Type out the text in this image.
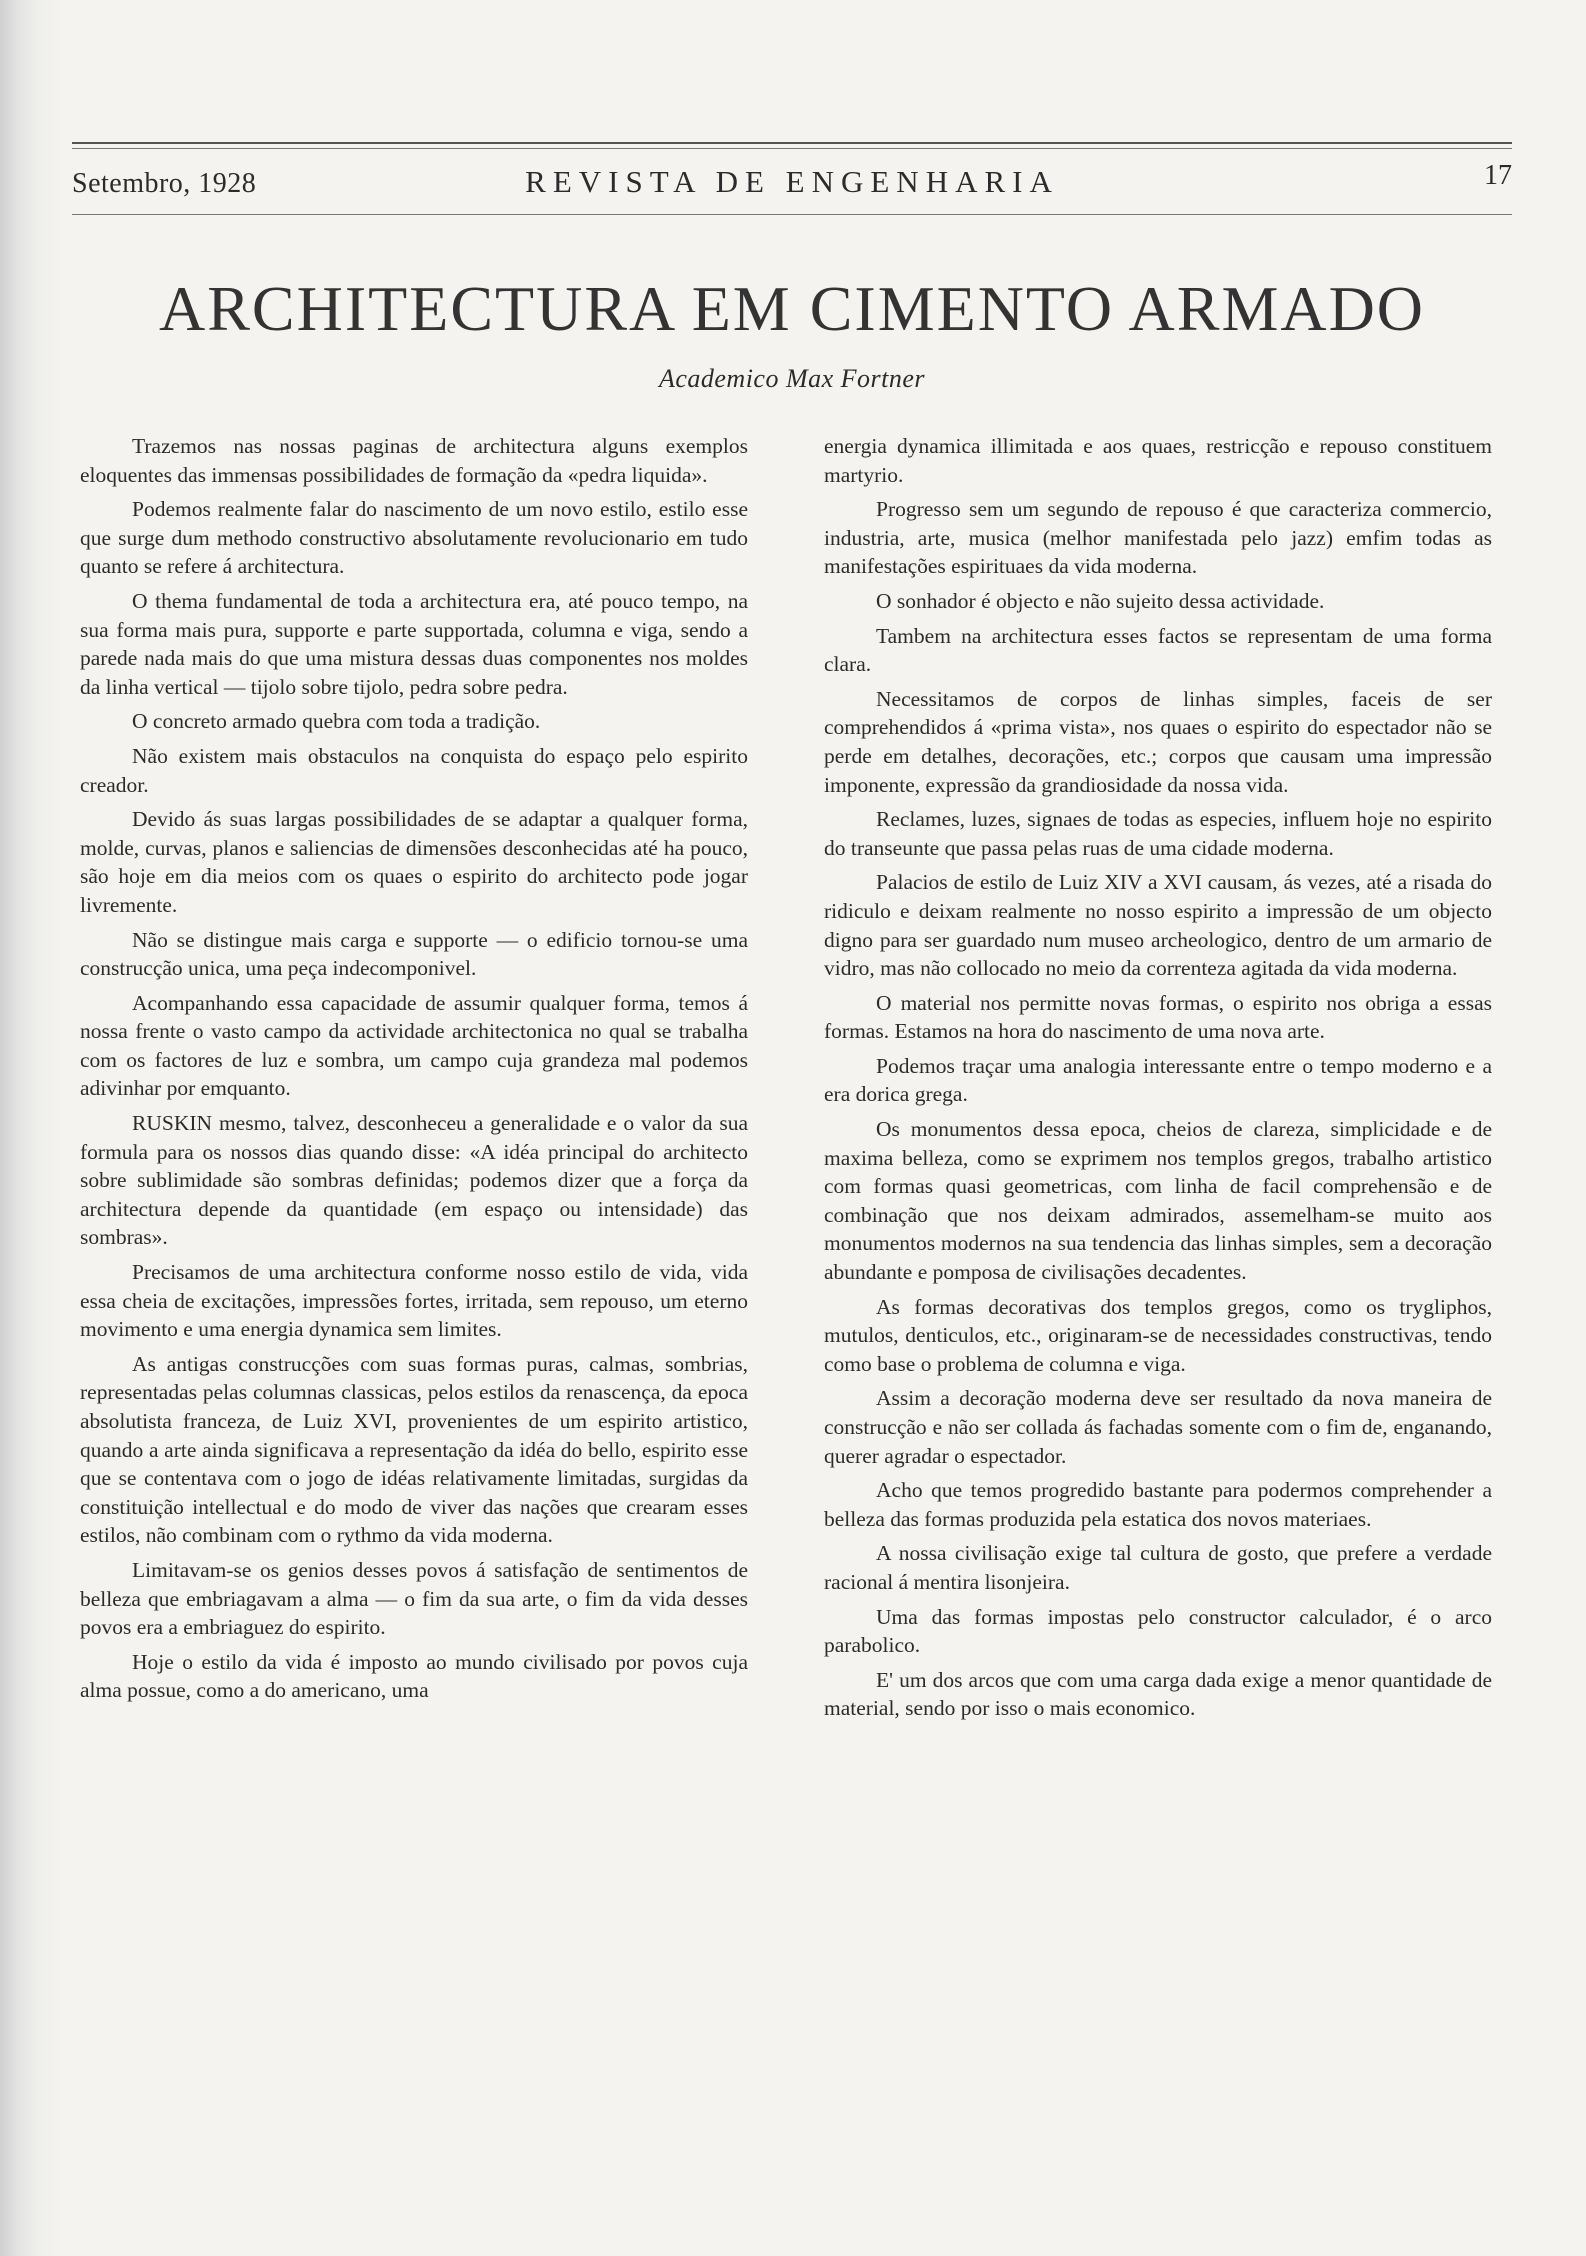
Setembro, 1928	REVISTA DE ENGENHARIA	17
ARCHITECTURA EM CIMENTO ARMADO
Academico Max Fortner

Trazemos nas nossas paginas de architectura alguns exemplos eloquentes das immensas possibilidades de formação da «pedra liquida».

Podemos realmente falar do nascimento de um novo estilo, estilo esse que surge dum methodo constructivo absolutamente revolucionario em tudo quanto se refere á architectura.

O thema fundamental de toda a architectura era, até pouco tempo, na sua forma mais pura, supporte e parte supportada, columna e viga, sendo a parede nada mais do que uma mistura dessas duas componentes nos moldes da linha vertical — tijolo sobre tijolo, pedra sobre pedra.

O concreto armado quebra com toda a tradição.

Não existem mais obstaculos na conquista do espaço pelo espirito creador.

Devido ás suas largas possibilidades de se adaptar a qualquer forma, molde, curvas, planos e saliencias de dimensões desconhecidas até ha pouco, são hoje em dia meios com os quaes o espirito do architecto pode jogar livremente.

Não se distingue mais carga e supporte — o edificio tornou-se uma construcção unica, uma peça indecomponivel.

Acompanhando essa capacidade de assumir qualquer forma, temos á nossa frente o vasto campo da actividade architectonica no qual se trabalha com os factores de luz e sombra, um campo cuja grandeza mal podemos adivinhar por emquanto.

RUSKIN mesmo, talvez, desconheceu a generalidade e o valor da sua formula para os nossos dias quando disse: «A idéa principal do architecto sobre sublimidade são sombras definidas; podemos dizer que a força da architectura depende da quantidade (em espaço ou intensidade) das sombras».

Precisamos de uma architectura conforme nosso estilo de vida, vida essa cheia de excitações, impressões fortes, irritada, sem repouso, um eterno movimento e uma energia dynamica sem limites.

As antigas construcções com suas formas puras, calmas, sombrias, representadas pelas columnas classicas, pelos estilos da renascença, da epoca absolutista franceza, de Luiz XVI, provenientes de um espirito artistico, quando a arte ainda significava a representação da idéa do bello, espirito esse que se contentava com o jogo de idéas relativamente limitadas, surgidas da constituição intellectual e do modo de viver das nações que crearam esses estilos, não combinam com o rythmo da vida moderna.

Limitavam-se os genios desses povos á satisfação de sentimentos de belleza que embriagavam a alma — o fim da sua arte, o fim da vida desses povos era a embriaguez do espirito.

Hoje o estilo da vida é imposto ao mundo civilisado por povos cuja alma possue, como a do americano, uma

energia dynamica illimitada e aos quaes, restricção e repouso constituem martyrio.

Progresso sem um segundo de repouso é que caracteriza commercio, industria, arte, musica (melhor manifestada pelo jazz) emfim todas as manifestações espirituaes da vida moderna.

O sonhador é objecto e não sujeito dessa actividade.

Tambem na architectura esses factos se representam de uma forma clara.

Necessitamos de corpos de linhas simples, faceis de ser comprehendidos á «prima vista», nos quaes o espirito do espectador não se perde em detalhes, decorações, etc.; corpos que causam uma impressão imponente, expressão da grandiosidade da nossa vida.

Reclames, luzes, signaes de todas as especies, influem hoje no espirito do transeunte que passa pelas ruas de uma cidade moderna.

Palacios de estilo de Luiz XIV a XVI causam, ás vezes, até a risada do ridiculo e deixam realmente no nosso espirito a impressão de um objecto digno para ser guardado num museo archeologico, dentro de um armario de vidro, mas não collocado no meio da correnteza agitada da vida moderna.

O material nos permitte novas formas, o espirito nos obriga a essas formas. Estamos na hora do nascimento de uma nova arte.

Podemos traçar uma analogia interessante entre o tempo moderno e a era dorica grega.

Os monumentos dessa epoca, cheios de clareza, simplicidade e de maxima belleza, como se exprimem nos templos gregos, trabalho artistico com formas quasi geometricas, com linha de facil comprehensão e de combinação que nos deixam admirados, assemelham-se muito aos monumentos modernos na sua tendencia das linhas simples, sem a decoração abundante e pomposa de civilisações decadentes.

As formas decorativas dos templos gregos, como os trygliphos, mutulos, denticulos, etc., originaram-se de necessidades constructivas, tendo como base o problema de columna e viga.

Assim a decoração moderna deve ser resultado da nova maneira de construcção e não ser collada ás fachadas somente com o fim de, enganando, querer agradar o espectador.

Acho que temos progredido bastante para podermos comprehender a belleza das formas produzida pela estatica dos novos materiaes.

A nossa civilisação exige tal cultura de gosto, que prefere a verdade racional á mentira lisonjeira.

Uma das formas impostas pelo constructor calculador, é o arco parabolico.

E' um dos arcos que com uma carga dada exige a menor quantidade de material, sendo por isso o mais economico.
